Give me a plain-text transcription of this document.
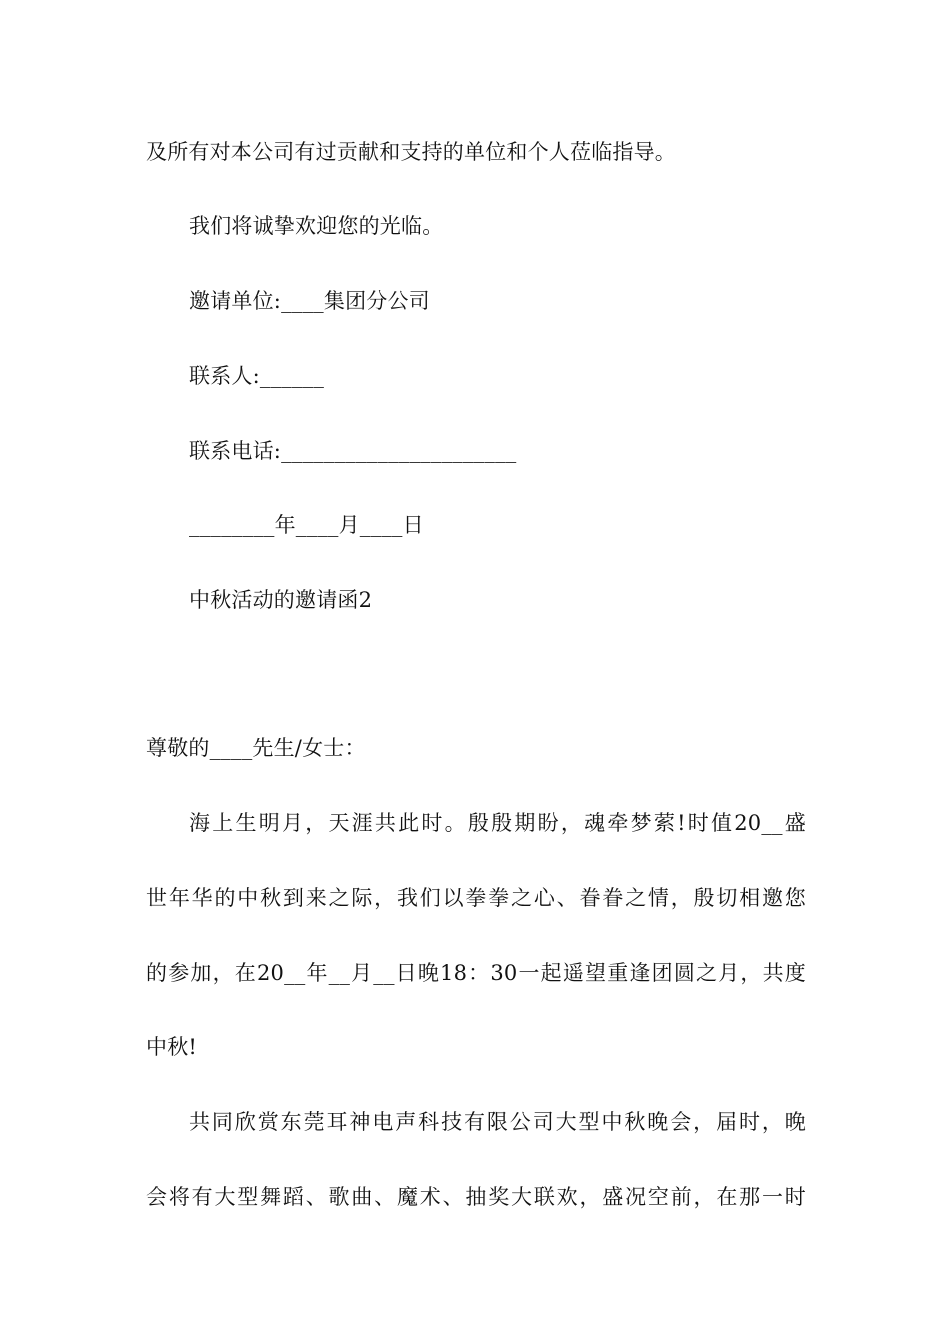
及所有对本公司有过贡献和支持的单位和个人莅临指导。
我们将诚挚欢迎您的光临。
邀请单位:____集团分公司
联系人:______
联系电话:______________________
________年____月____日
中秋活动的邀请函2
尊敬的____先生/女士：
海上生明月，天涯共此时。殷殷期盼，魂牵梦萦!时值20__盛
世年华的中秋到来之际，我们以拳拳之心、眷眷之情，殷切相邀您
的参加，在20__年__月__日晚18：30一起遥望重逢团圆之月，共度
中秋!
共同欣赏东莞耳神电声科技有限公司大型中秋晚会，届时，晚
会将有大型舞蹈、歌曲、魔术、抽奖大联欢，盛况空前，在那一时
